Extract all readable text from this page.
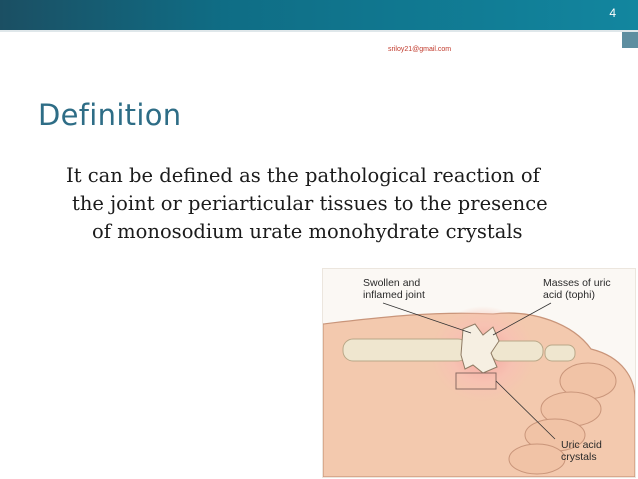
4
sriloy21@gmail.com
Definition
It can be defined as the pathological reaction of
the joint or periarticular tissues to the presence
of monosodium urate monohydrate crystals
Swollen and
inflamed joint
Masses of uric
acid (tophi)
Uric acid
crystals
